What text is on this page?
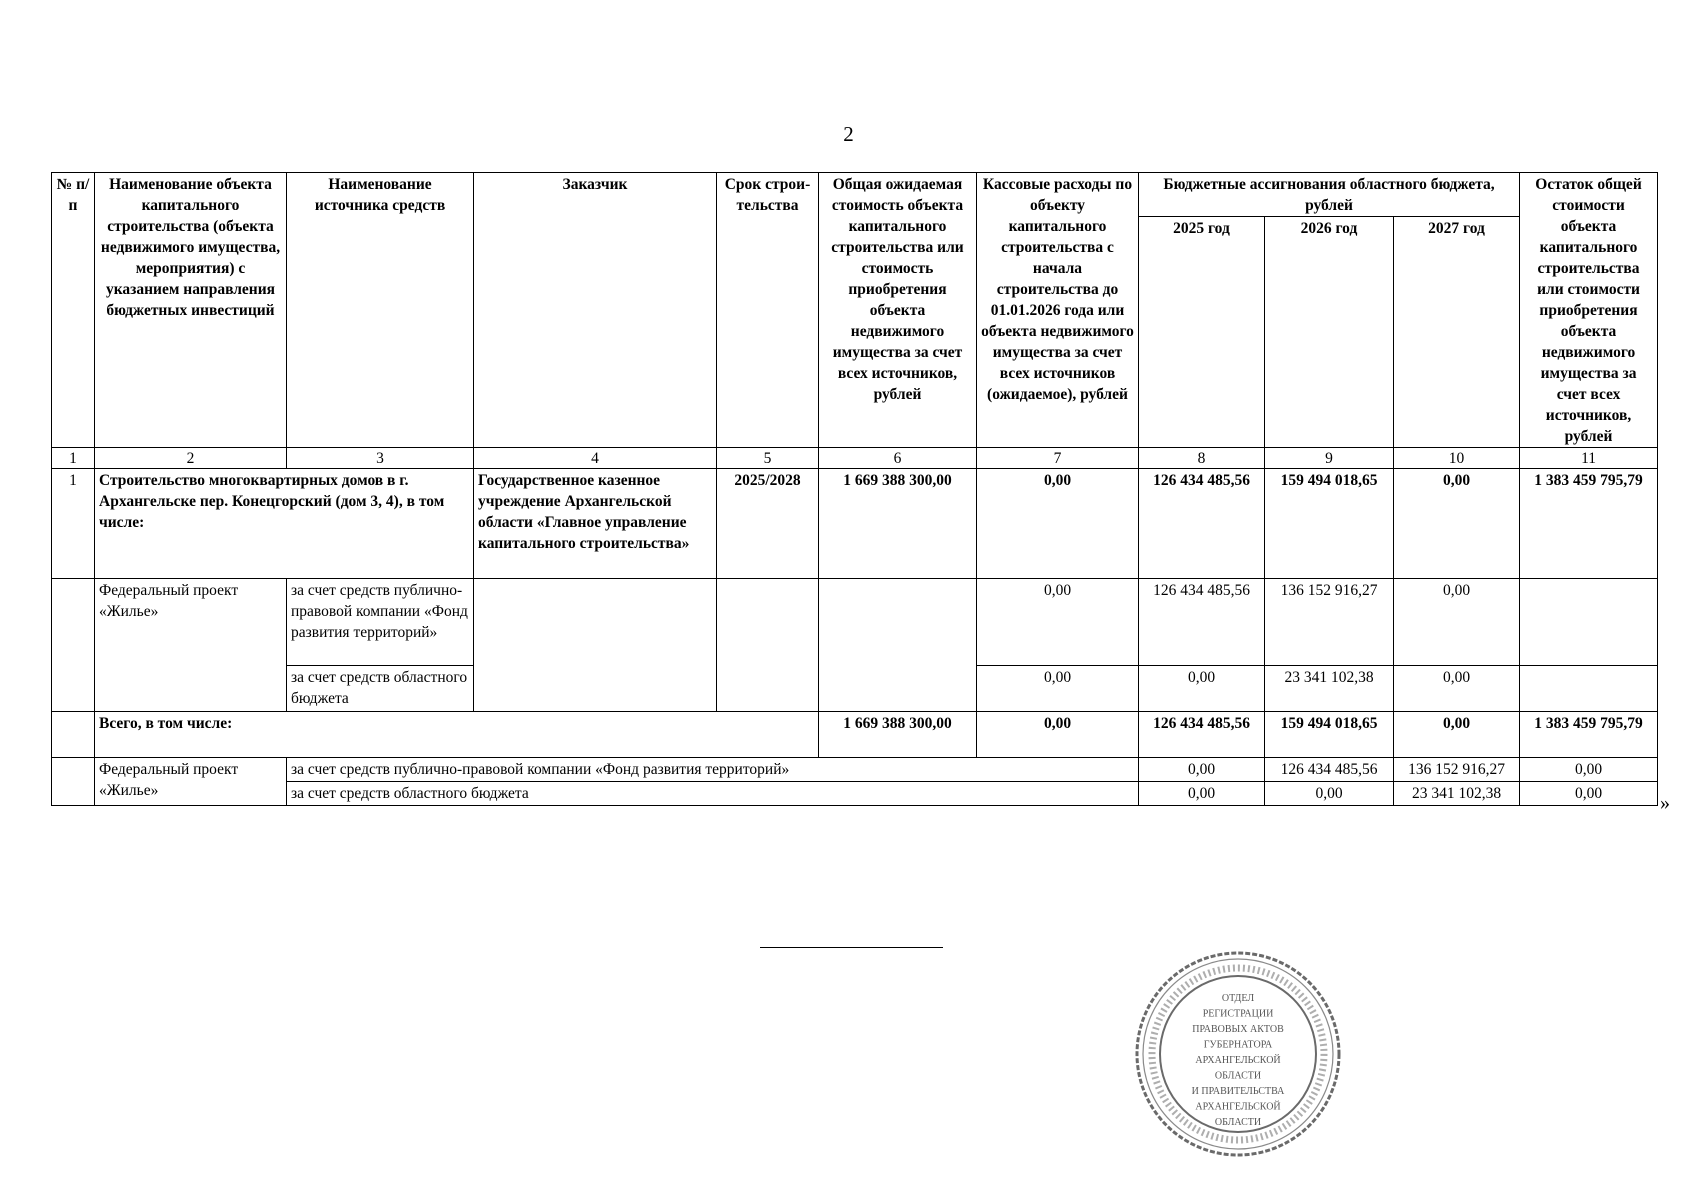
2
№ п/п	Наименование объекта капитального строительства (объекта недвижимого имущества, мероприятия) с указанием направления бюджетных инвестиций	Наименование источника средств	Заказчик	Срок строи-тельства	Общая ожидаемая стоимость объекта капитального строительства или стоимость приобретения объекта недвижимого имущества за счет всех источников, рублей	Кассовые расходы по объекту капитального строительства с начала строительства до 01.01.2026 года или объекта недвижимого имущества за счет всех источников (ожидаемое), рублей	Бюджетные ассигнования областного бюджета, рублей			Остаток общей стоимости объекта капитального строительства или стоимости приобретения объекта недвижимого имущества за счет всех источников, рублей	
							2025 год	2026 год	2027 год		
1	2	3	4	5	6	7	8	9	10	11	
1	Строительство многоквартирных домов в г. Архангельске пер. Конецгорский (дом 3, 4), в том числе:		Государственное казенное учреждение Архангельской области «Главное управление капитального строительства»	2025/2028	1 669 388 300,00	0,00	126 434 485,56	159 494 018,65	0,00	1 383 459 795,79	
	Федеральный проект «Жилье»	за счет средств публично-правовой компании «Фонд развития территорий»				0,00	126 434 485,56	136 152 916,27	0,00		
		за счет средств областного бюджета				0,00	0,00	23 341 102,38	0,00		
	Всего, в том числе:				1 669 388 300,00	0,00	126 434 485,56	159 494 018,65	0,00	1 383 459 795,79	
	Федеральный проект «Жилье»	за счет средств публично-правовой компании «Фонд развития территорий»					0,00	126 434 485,56	136 152 916,27	0,00	
		за счет средств областного бюджета					0,00	0,00	23 341 102,38	0,00		»
ОТДЕЛ
РЕГИСТРАЦИИ
ПРАВОВЫХ АКТОВ
ГУБЕРНАТОРА
АРХАНГЕЛЬСКОЙ
ОБЛАСТИ
И ПРАВИТЕЛЬСТВА
АРХАНГЕЛЬСКОЙ
ОБЛАСТИ
